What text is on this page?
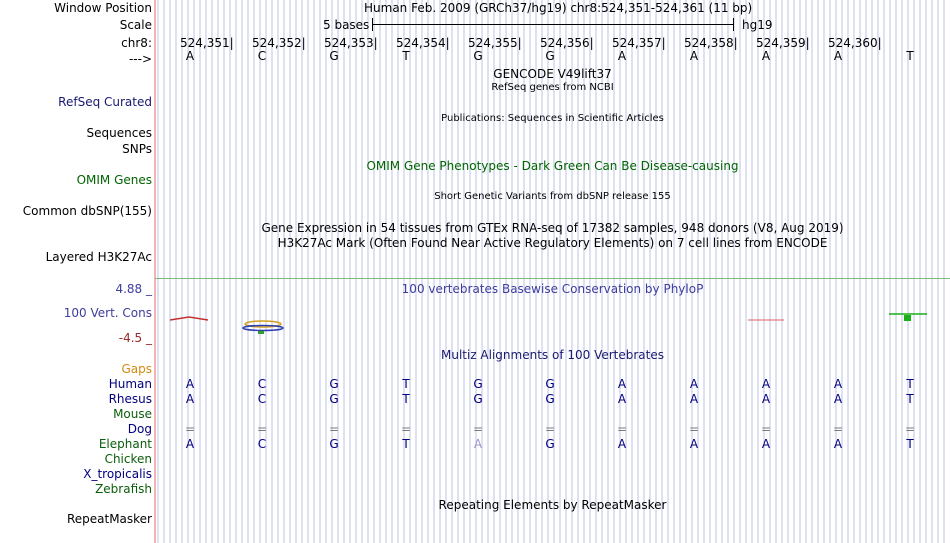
Window Position	Human Feb. 2009 (GRCh37/hg19) chr8:524,351-524,361 (11 bp)
Scale	5 bases	hg19
chr8: 524,351| 524,352| 524,353| 524,354| 524,355| 524,356| 524,357| 524,358| 524,359| 524,360|
--->	A	C	G	T	G	G	A	A	A	A	T
GENCODE V49lift37
RefSeq genes from NCBI
RefSeq Curated
Publications: Sequences in Scientific Articles
Sequences
SNPs
OMIM Gene Phenotypes - Dark Green Can Be Disease-causing
OMIM Genes
Short Genetic Variants from dbSNP release 155
Common dbSNP(155)
Gene Expression in 54 tissues from GTEx RNA-seq of 17382 samples, 948 donors (V8, Aug 2019)
H3K27Ac Mark (Often Found Near Active Regulatory Elements) on 7 cell lines from ENCODE
Layered H3K27Ac
4.88 _	100 vertebrates Basewise Conservation by PhyloP
100 Vert. Cons
-4.5 _
Multiz Alignments of 100 Vertebrates
Gaps
Human	A	C	G	T	G	G	A	A	A	A	T
Rhesus	A	C	G	T	G	G	A	A	A	A	T
Mouse
Dog	=	=	=	=	=	=	=	=	=	=	=
Elephant	A	C	G	T	A	G	A	A	A	A	T
Chicken
X_tropicalis
Zebrafish
Repeating Elements by RepeatMasker
RepeatMasker
